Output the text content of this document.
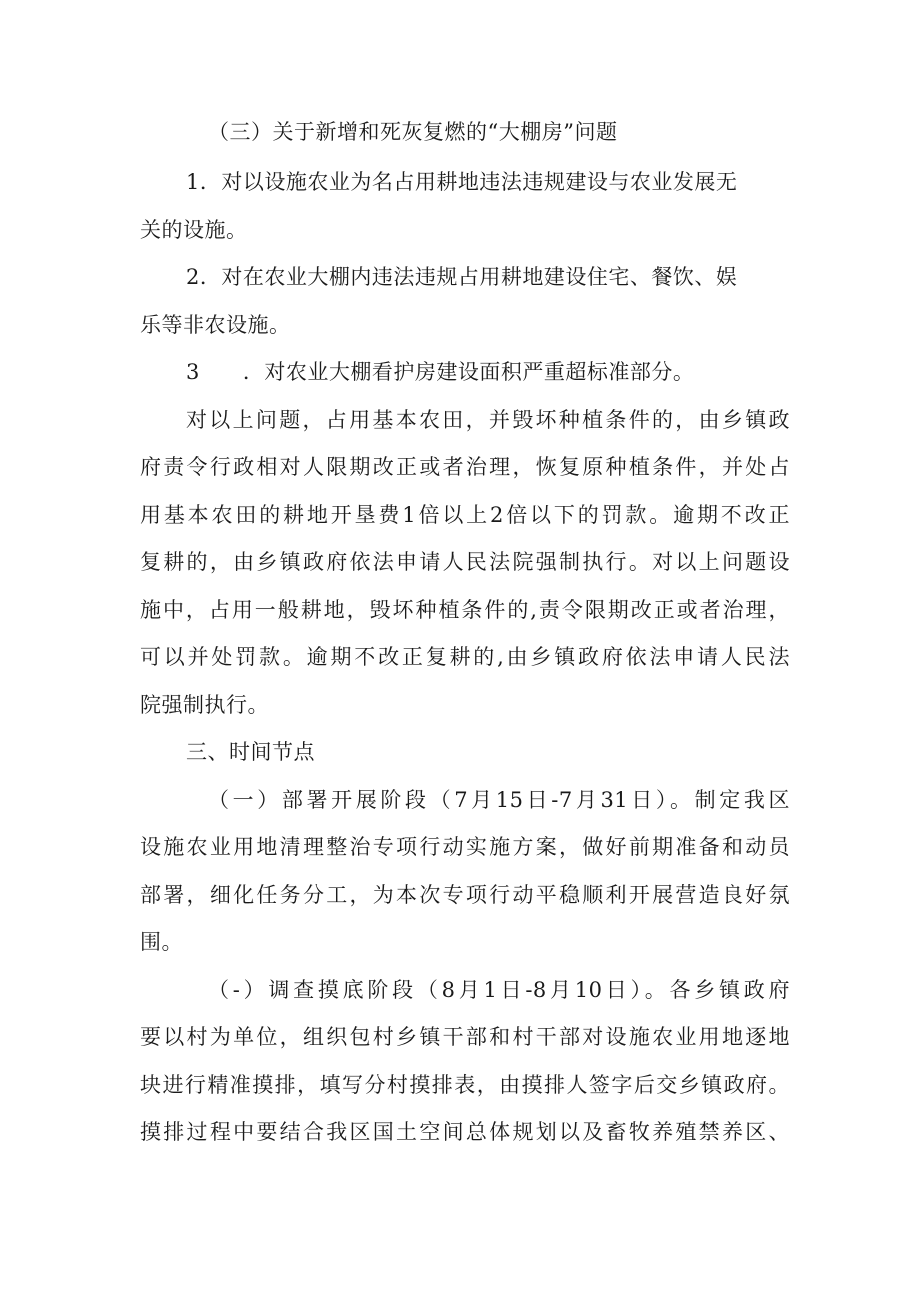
（三）关于新增和死灰复燃的“大棚房”问题
1．对以设施农业为名占用耕地违法违规建设与农业发展无
关的设施。
2．对在农业大棚内违法违规占用耕地建设住宅、餐饮、娱
乐等非农设施。
3　　．对农业大棚看护房建设面积严重超标准部分。
对以上问题，占用基本农田，并毁坏种植条件的，由乡镇政
府责令行政相对人限期改正或者治理，恢复原种植条件，并处占
用基本农田的耕地开垦费1倍以上2倍以下的罚款。逾期不改正
复耕的，由乡镇政府依法申请人民法院强制执行。对以上问题设
施中，占用一般耕地，毁坏种植条件的,责令限期改正或者治理，
可以并处罚款。逾期不改正复耕的,由乡镇政府依法申请人民法
院强制执行。
三、时间节点
（一）部署开展阶段（7月15日-7月31日）。制定我区
设施农业用地清理整治专项行动实施方案，做好前期准备和动员
部署，细化任务分工，为本次专项行动平稳顺利开展营造良好氛
围。
（-）调查摸底阶段（8月1日-8月10日）。各乡镇政府
要以村为单位，组织包村乡镇干部和村干部对设施农业用地逐地
块进行精准摸排，填写分村摸排表，由摸排人签字后交乡镇政府。
摸排过程中要结合我区国土空间总体规划以及畜牧养殖禁养区、
